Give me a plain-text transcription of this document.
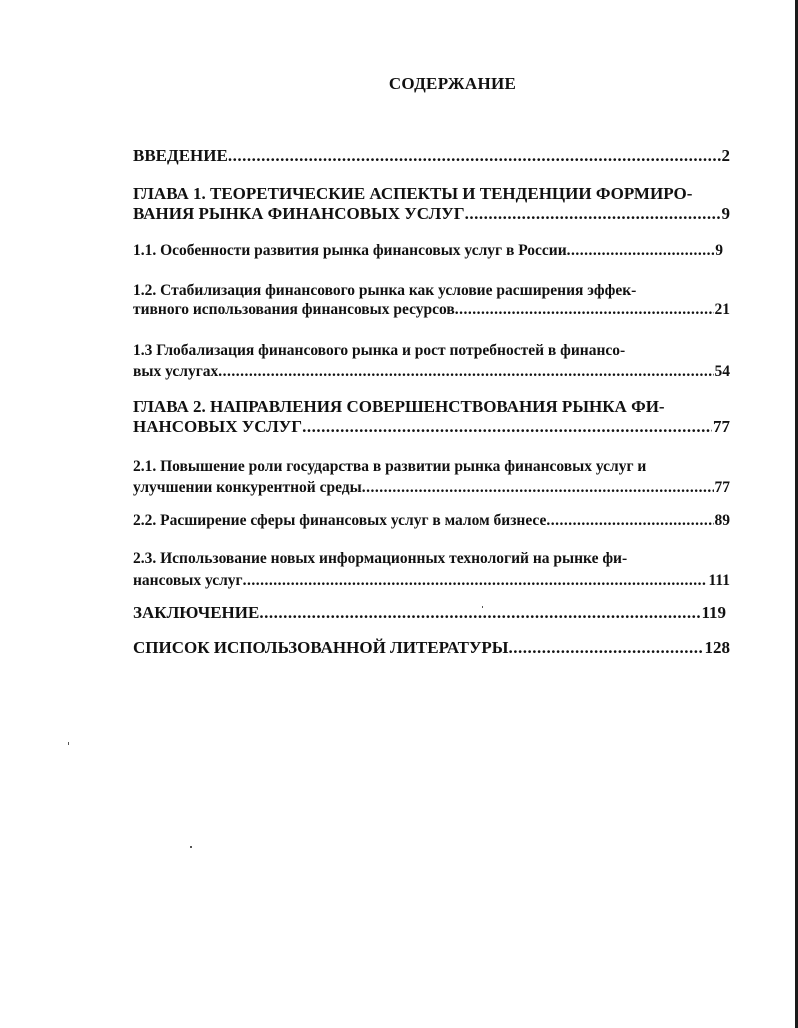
СОДЕРЖАНИЕ
ВВЕДЕНИЕ .....	2
ГЛАВА 1. ТЕОРЕТИЧЕСКИЕ АСПЕКТЫ И ТЕНДЕНЦИИ ФОРМИРО-
ВАНИЯ РЫНКА ФИНАНСОВЫХ УСЛУГ .....	9
1.1. Особенности развития рынка финансовых услуг в России .....	9
1.2. Стабилизация финансового рынка как условие расширения эффек-
тивного использования финансовых ресурсов .....	21
1.3 Глобализация финансового рынка и рост потребностей в финансо-
вых услугах .....	54
ГЛАВА 2. НАПРАВЛЕНИЯ СОВЕРШЕНСТВОВАНИЯ РЫНКА ФИ-
НАНСОВЫХ УСЛУГ .....	77
2.1. Повышение роли государства в развитии рынка финансовых услуг и
улучшении конкурентной среды .....	77
2.2. Расширение сферы финансовых услуг в малом бизнесе .....	89
2.3. Использование новых информационных технологий на рынке фи-
нансовых услуг .....	111
ЗАКЛЮЧЕНИЕ .....	119
СПИСОК ИСПОЛЬЗОВАННОЙ ЛИТЕРАТУРЫ .....	128
